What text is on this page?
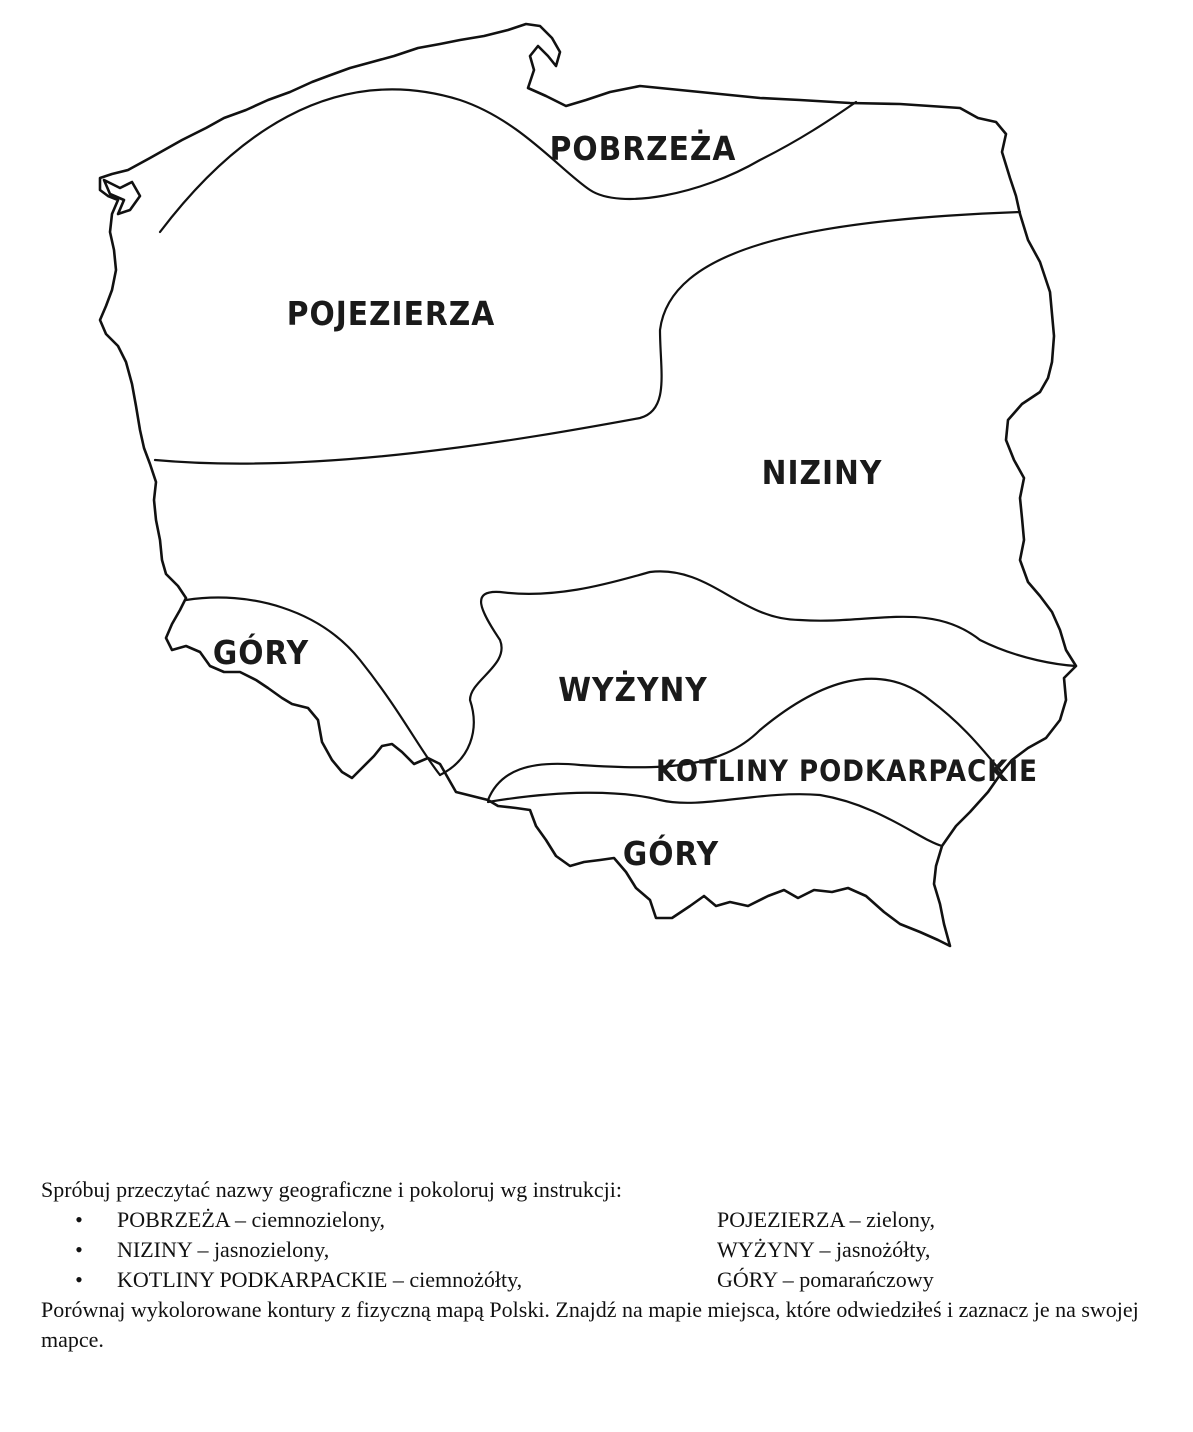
POBRZEŻA
POJEZIERZA
NIZINY
GÓRY
WYŻYNY
KOTLINY PODKARPACKIE
GÓRY

Spróbuj przeczytać nazwy geograficzne i pokoloruj wg instrukcji:

•	POBRZEŻA – ciemnozielony,	POJEZIERZA – zielony,
•	NIZINY – jasnozielony,	WYŻYNY – jasnożółty,
•	KOTLINY PODKARPACKIE – ciemnożółty,	GÓRY – pomarańczowy

Porównaj wykolorowane kontury z fizyczną mapą Polski. Znajdź na mapie miejsca, które odwiedziłeś i zaznacz je na swojej mapce.
